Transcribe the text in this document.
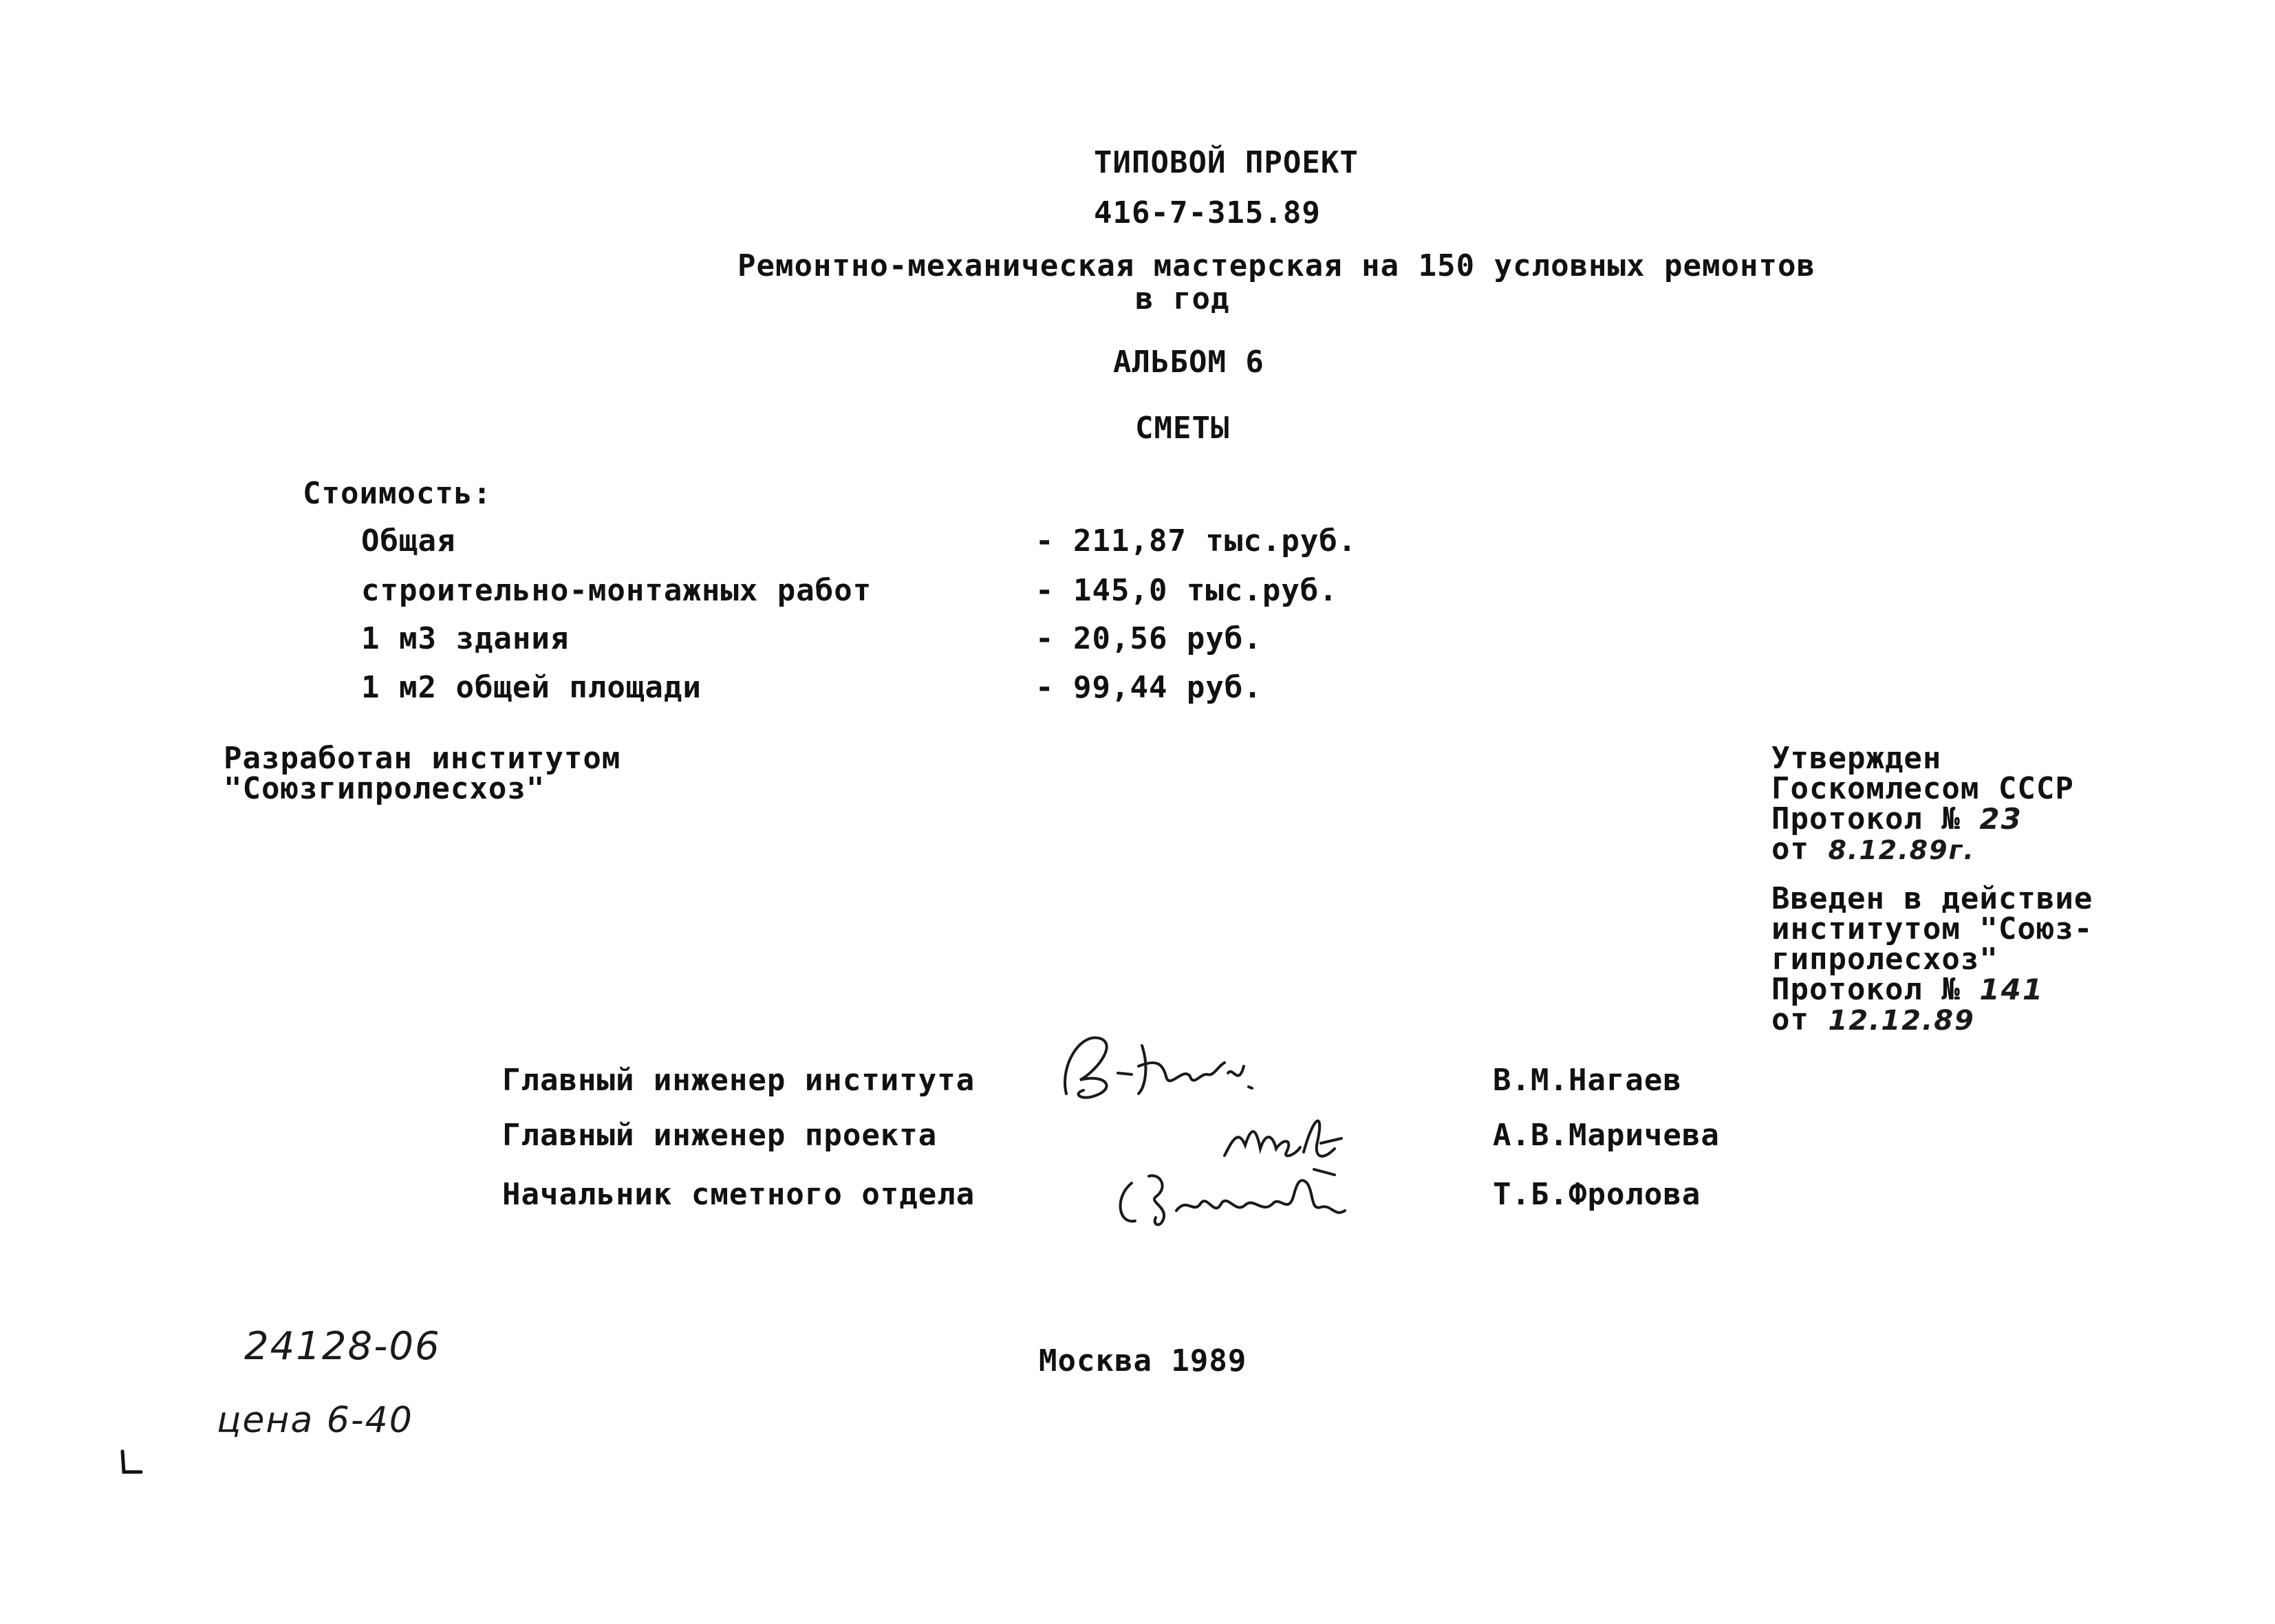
ТИПОВОЙ ПРОЕКТ
416-7-315.89
Ремонтно-механическая мастерская на 150 условных ремонтов
в год
АЛЬБОМ 6
СМЕТЫ
Стоимость:
Общая	- 211,87 тыс.руб.
строительно-монтажных работ	- 145,0 тыс.руб.
1 м3 здания	- 20,56 руб.
1 м2 общей площади	- 99,44 руб.
Разработан институтом
"Союзгипролесхоз"
Утвержден
Госкомлесом СССР
Протокол № 23
от 8.12.89г.
Введен в действие
институтом "Союз-
гипролесхоз"
Протокол № 141
от 12.12.89
Главный инженер института	В.М.Нагаев
Главный инженер проекта	А.В.Маричева
Начальник сметного отдела	Т.Б.Фролова
Москва 1989
24128-06
цена 6-40
